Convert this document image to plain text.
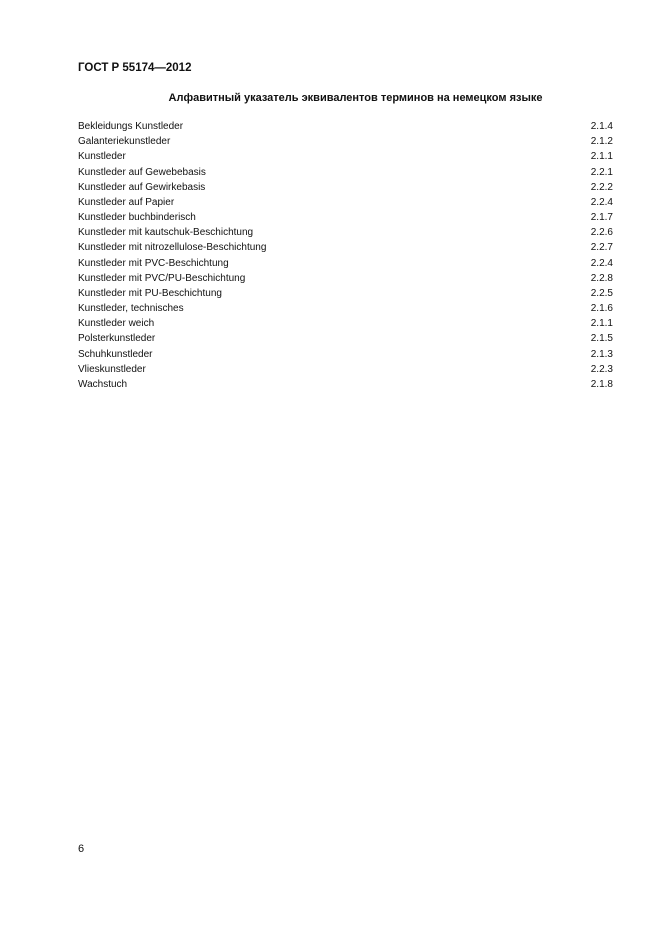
ГОСТ Р 55174—2012
Алфавитный указатель эквивалентов терминов на немецком языке
Bekleidungs Kunstleder	2.1.4
Galanteriekunstleder	2.1.2
Kunstleder	2.1.1
Kunstleder auf Gewebebasis	2.2.1
Kunstleder auf Gewirkebasis	2.2.2
Kunstleder auf Papier	2.2.4
Kunstleder buchbinderisch	2.1.7
Kunstleder mit kautschuk-Beschichtung	2.2.6
Kunstleder mit nitrozellulose-Beschichtung	2.2.7
Kunstleder mit PVC-Beschichtung	2.2.4
Kunstleder mit PVC/PU-Beschichtung	2.2.8
Kunstleder mit PU-Beschichtung	2.2.5
Kunstleder, technisches	2.1.6
Kunstleder weich	2.1.1
Polsterkunstleder	2.1.5
Schuhkunstleder	2.1.3
Vlieskunstleder	2.2.3
Wachstuch	2.1.8
6
